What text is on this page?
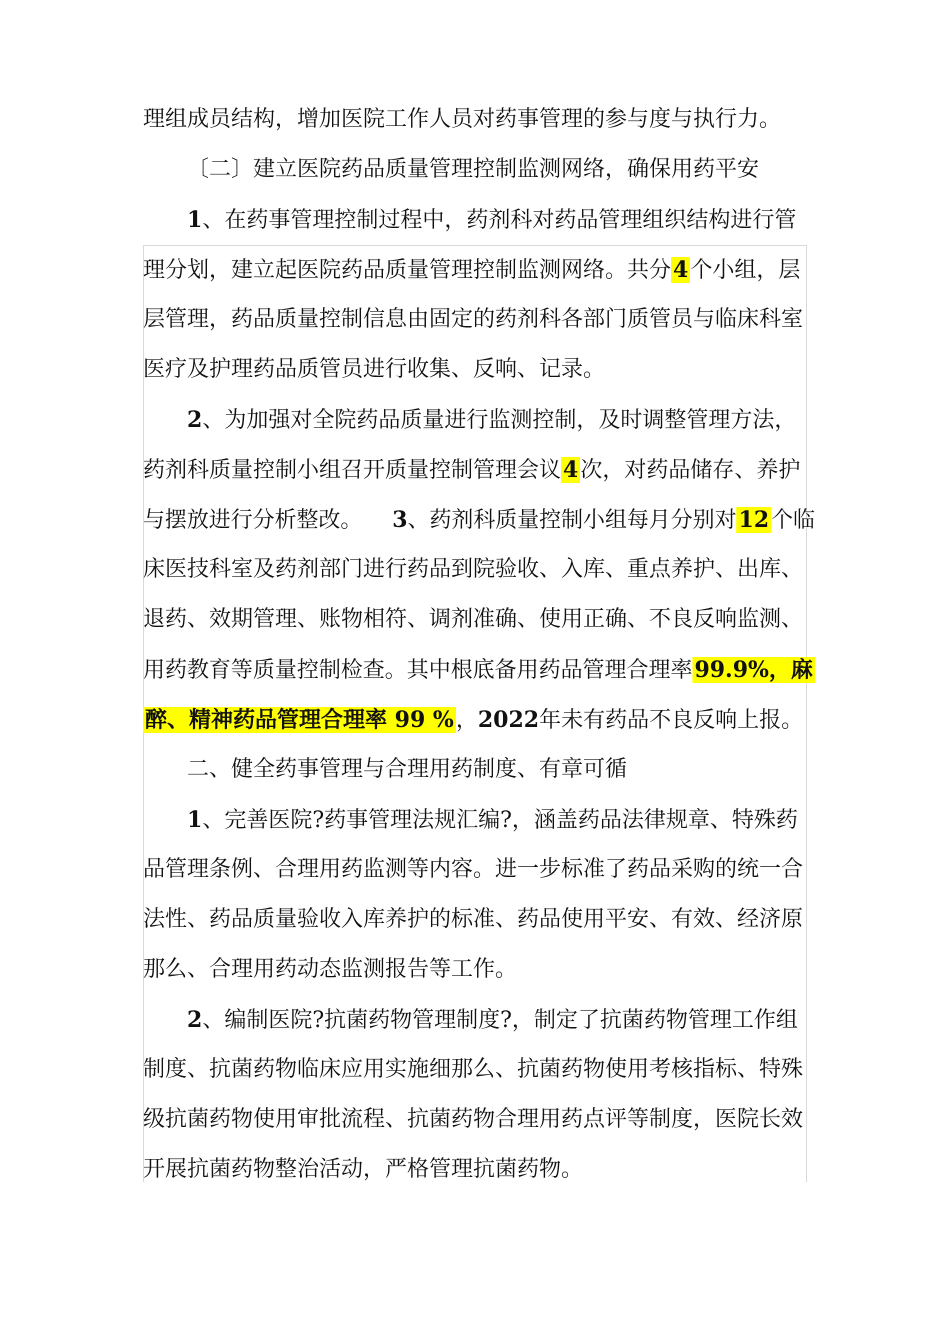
理组成员结构，增加医院工作人员对药事管理的参与度与执行力。
〔二〕建立医院药品质量管理控制监测网络，确保用药平安
1、在药事管理控制过程中，药剂科对药品管理组织结构进行管
理分划，建立起医院药品质量管理控制监测网络。共分4个小组，层
层管理，药品质量控制信息由固定的药剂科各部门质管员与临床科室
医疗及护理药品质管员进行收集、反响、记录。
2、为加强对全院药品质量进行监测控制，及时调整管理方法，
药剂科质量控制小组召开质量控制管理会议4次，对药品储存、养护
与摆放进行分析整改。 3、药剂科质量控制小组每月分别对12个临
床医技科室及药剂部门进行药品到院验收、入库、重点养护、出库、
退药、效期管理、账物相符、调剂准确、使用正确、不良反响监测、
用药教育等质量控制检查。其中根底备用药品管理合理率99.9%，麻
醉、精神药品管理合理率 99 %，2022年未有药品不良反响上报。
二、健全药事管理与合理用药制度、有章可循
1、完善医院?药事管理法规汇编?，涵盖药品法律规章、特殊药
品管理条例、合理用药监测等内容。进一步标准了药品采购的统一合
法性、药品质量验收入库养护的标准、药品使用平安、有效、经济原
那么、合理用药动态监测报告等工作。
2、编制医院?抗菌药物管理制度?，制定了抗菌药物管理工作组
制度、抗菌药物临床应用实施细那么、抗菌药物使用考核指标、特殊
级抗菌药物使用审批流程、抗菌药物合理用药点评等制度，医院长效
开展抗菌药物整治活动，严格管理抗菌药物。
